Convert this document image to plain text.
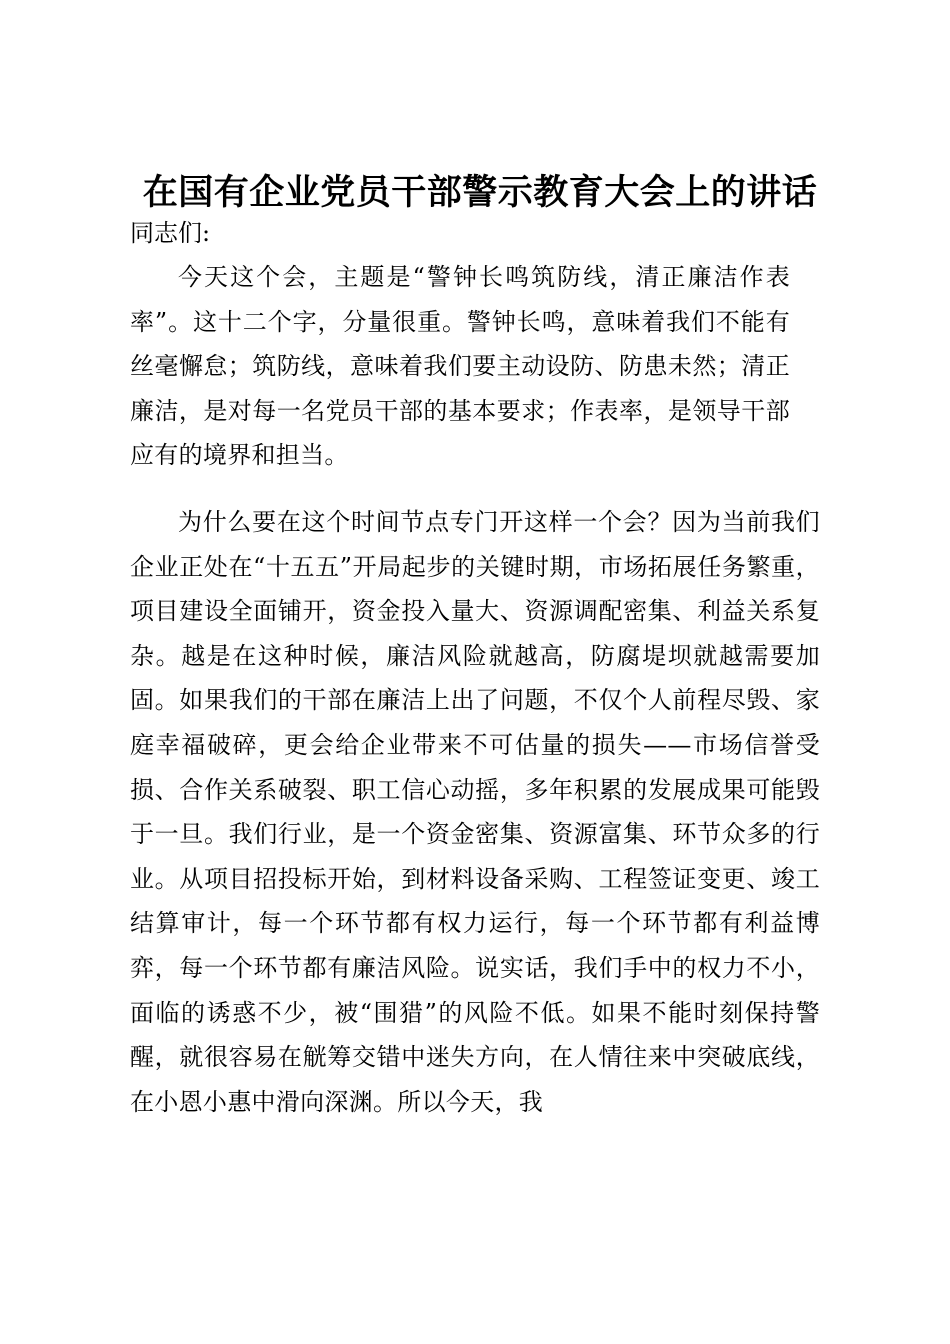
在国有企业党员干部警示教育大会上的讲话
同志们:

今天这个会，主题是“警钟长鸣筑防线，清正廉洁作表率”。这十二个字，分量很重。警钟长鸣，意味着我们不能有丝毫懈怠；筑防线，意味着我们要主动设防、防患未然；清正廉洁，是对每一名党员干部的基本要求；作表率，是领导干部应有的境界和担当。

为什么要在这个时间节点专门开这样一个会？因为当前我们企业正处在“十五五”开局起步的关键时期，市场拓展任务繁重，项目建设全面铺开，资金投入量大、资源调配密集、利益关系复杂。越是在这种时候，廉洁风险就越高，防腐堤坝就越需要加固。如果我们的干部在廉洁上出了问题，不仅个人前程尽毁、家庭幸福破碎，更会给企业带来不可估量的损失——市场信誉受损、合作关系破裂、职工信心动摇，多年积累的发展成果可能毁于一旦。我们行业，是一个资金密集、资源富集、环节众多的行业。从项目招投标开始，到材料设备采购、工程签证变更、竣工结算审计，每一个环节都有权力运行，每一个环节都有利益博弈，每一个环节都有廉洁风险。说实话，我们手中的权力不小，面临的诱惑不少，被“围猎”的风险不低。如果不能时刻保持警醒，就很容易在觥筹交错中迷失方向，在人情往来中突破底线，在小恩小惠中滑向深渊。所以今天，我
